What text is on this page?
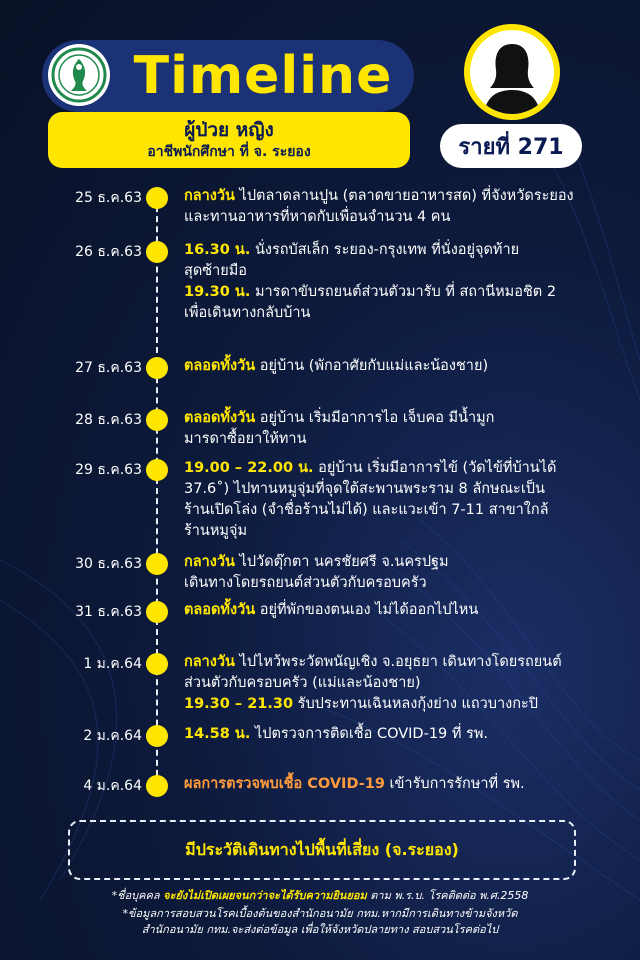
Timeline
ผู้ป่วย หญิง
อาชีพนักศึกษา ที่ จ. ระยอง	รายที่ 271
25 ธ.ค.63	กลางวัน ไปตลาดลานปูน (ตลาดขายอาหารสด) ที่จังหวัดระยอง
และทานอาหารที่หาดกับเพื่อนจำนวน 4 คน
26 ธ.ค.63	16.30 น. นั่งรถบัสเล็ก ระยอง-กรุงเทพ ที่นั่งอยู่จุดท้าย
สุดซ้ายมือ
19.30 น. มารดาขับรถยนต์ส่วนตัวมารับ ที่ สถานีหมอชิต 2
เพื่อเดินทางกลับบ้าน
27 ธ.ค.63	ตลอดทั้งวัน อยู่บ้าน (พักอาศัยกับแม่และน้องชาย)
28 ธ.ค.63	ตลอดทั้งวัน อยู่บ้าน เริ่มมีอาการไอ เจ็บคอ มีน้ำมูก
มารดาซื้อยาให้ทาน
29 ธ.ค.63	19.00 – 22.00 น. อยู่บ้าน เริ่มมีอาการไข้ (วัดไข้ที่บ้านได้
37.6˚) ไปทานหมูจุ่มที่จุดใต้สะพานพระราม 8 ลักษณะเป็น
ร้านเปิดโล่ง (จำชื่อร้านไม่ได้) และแวะเข้า 7-11 สาขาใกล้
ร้านหมูจุ่ม
30 ธ.ค.63	กลางวัน ไปวัดตุ๊กตา นครชัยศรี จ.นครปฐม
เดินทางโดยรถยนต์ส่วนตัวกับครอบครัว
31 ธ.ค.63	ตลอดทั้งวัน อยู่ที่พักของตนเอง ไม่ได้ออกไปไหน
1 ม.ค.64	กลางวัน ไปไหว้พระวัดพนัญเชิง จ.อยุธยา เดินทางโดยรถยนต์
ส่วนตัวกับครอบครัว (แม่และน้องชาย)
19.30 – 21.30 รับประทานเฉินหลงกุ้งย่าง แถวบางกะปิ
2 ม.ค.64	14.58 น. ไปตรวจการติดเชื้อ COVID-19 ที่ รพ.
4 ม.ค.64	ผลการตรวจพบเชื้อ COVID-19 เข้ารับการรักษาที่ รพ.
มีประวัติเดินทางไปพื้นที่เสี่ยง (จ.ระยอง)
*ชื่อบุคคล จะยังไม่เปิดเผยจนกว่าจะได้รับความยินยอม ตาม พ.ร.บ. โรคติดต่อ พ.ศ.2558
*ข้อมูลการสอบสวนโรคเบื้องต้นของสำนักอนามัย กทม.หากมีการเดินทางข้ามจังหวัด
สำนักอนามัย กทม.จะส่งต่อข้อมูล เพื่อให้จังหวัดปลายทาง สอบสวนโรคต่อไป
